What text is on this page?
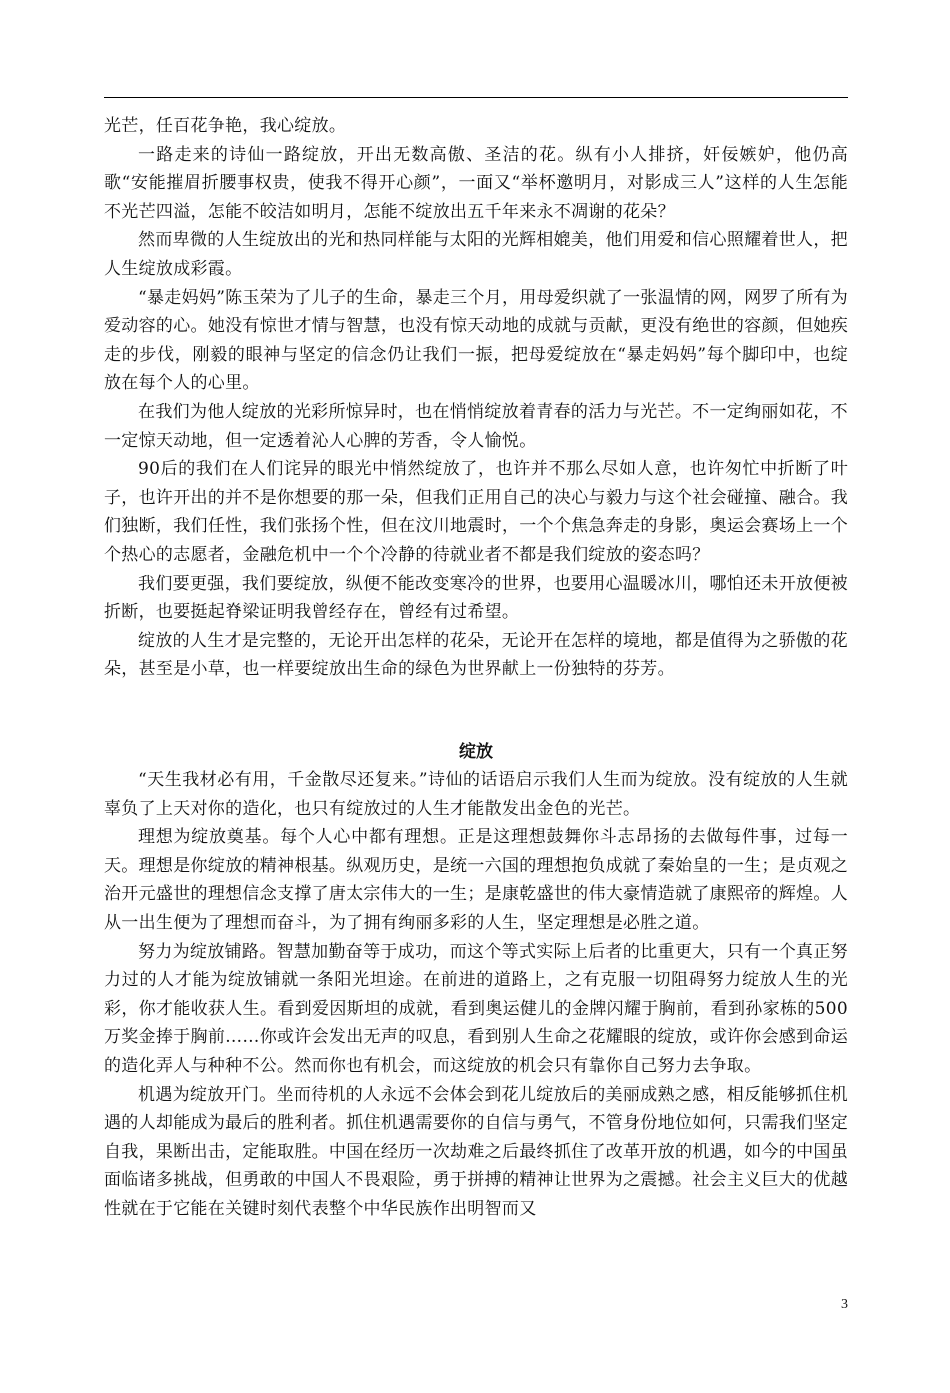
光芒，任百花争艳，我心绽放。

一路走来的诗仙一路绽放，开出无数高傲、圣洁的花。纵有小人排挤，奸佞嫉妒，他仍高歌“安能摧眉折腰事权贵，使我不得开心颜”，一面又“举杯邀明月，对影成三人”这样的人生怎能不光芒四溢，怎能不皎洁如明月，怎能不绽放出五千年来永不凋谢的花朵？

然而卑微的人生绽放出的光和热同样能与太阳的光辉相媲美，他们用爱和信心照耀着世人，把人生绽放成彩霞。

“暴走妈妈”陈玉荣为了儿子的生命，暴走三个月，用母爱织就了一张温情的网，网罗了所有为爱动容的心。她没有惊世才情与智慧，也没有惊天动地的成就与贡献，更没有绝世的容颜，但她疾走的步伐，刚毅的眼神与坚定的信念仍让我们一振，把母爱绽放在“暴走妈妈”每个脚印中，也绽放在每个人的心里。

在我们为他人绽放的光彩所惊异时，也在悄悄绽放着青春的活力与光芒。不一定绚丽如花，不一定惊天动地，但一定透着沁人心脾的芳香，令人愉悦。

90后的我们在人们诧异的眼光中悄然绽放了，也许并不那么尽如人意，也许匆忙中折断了叶子，也许开出的并不是你想要的那一朵，但我们正用自己的决心与毅力与这个社会碰撞、融合。我们独断，我们任性，我们张扬个性，但在汶川地震时，一个个焦急奔走的身影，奥运会赛场上一个个热心的志愿者，金融危机中一个个冷静的待就业者不都是我们绽放的姿态吗？

我们要更强，我们要绽放，纵便不能改变寒冷的世界，也要用心温暖冰川，哪怕还未开放便被折断，也要挺起脊梁证明我曾经存在，曾经有过希望。

绽放的人生才是完整的，无论开出怎样的花朵，无论开在怎样的境地，都是值得为之骄傲的花朵，甚至是小草，也一样要绽放出生命的绿色为世界献上一份独特的芬芳。

绽放

“天生我材必有用，千金散尽还复来。”诗仙的话语启示我们人生而为绽放。没有绽放的人生就辜负了上天对你的造化，也只有绽放过的人生才能散发出金色的光芒。

理想为绽放奠基。每个人心中都有理想。正是这理想鼓舞你斗志昂扬的去做每件事，过每一天。理想是你绽放的精神根基。纵观历史，是统一六国的理想抱负成就了秦始皇的一生；是贞观之治开元盛世的理想信念支撑了唐太宗伟大的一生；是康乾盛世的伟大豪情造就了康熙帝的辉煌。人从一出生便为了理想而奋斗，为了拥有绚丽多彩的人生，坚定理想是必胜之道。

努力为绽放铺路。智慧加勤奋等于成功，而这个等式实际上后者的比重更大，只有一个真正努力过的人才能为绽放铺就一条阳光坦途。在前进的道路上，之有克服一切阻碍努力绽放人生的光彩，你才能收获人生。看到爱因斯坦的成就，看到奥运健儿的金牌闪耀于胸前，看到孙家栋的500万奖金捧于胸前……你或许会发出无声的叹息，看到别人生命之花耀眼的绽放，或许你会感到命运的造化弄人与种种不公。然而你也有机会，而这绽放的机会只有靠你自己努力去争取。

机遇为绽放开门。坐而待机的人永远不会体会到花儿绽放后的美丽成熟之感，相反能够抓住机遇的人却能成为最后的胜利者。抓住机遇需要你的自信与勇气，不管身份地位如何，只需我们坚定自我，果断出击，定能取胜。中国在经历一次劫难之后最终抓住了改革开放的机遇，如今的中国虽面临诸多挑战，但勇敢的中国人不畏艰险，勇于拼搏的精神让世界为之震撼。社会主义巨大的优越性就在于它能在关键时刻代表整个中华民族作出明智而又

3
